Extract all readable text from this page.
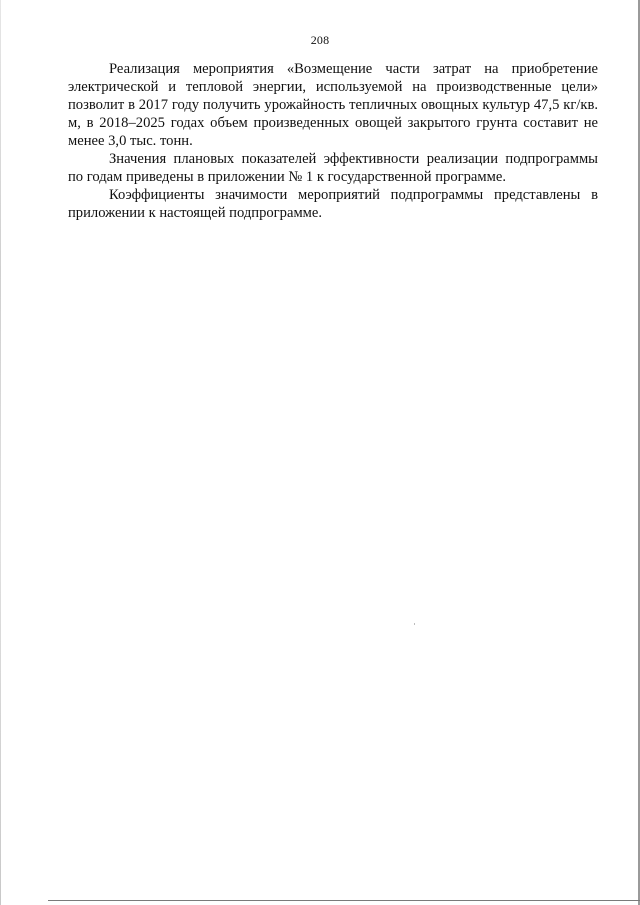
208

Реализация мероприятия «Возмещение части затрат на приобретение электрической и тепловой энергии, используемой на производственные цели» позволит в 2017 году получить урожайность тепличных овощных культур 47,5 кг/кв. м, в 2018–2025 годах объем произведенных овощей закрытого грунта составит не менее 3,0 тыс. тонн.

Значения плановых показателей эффективности реализации подпрограммы по годам приведены в приложении № 1 к государственной программе.

Коэффициенты значимости мероприятий подпрограммы представлены в приложении к настоящей подпрограмме.
